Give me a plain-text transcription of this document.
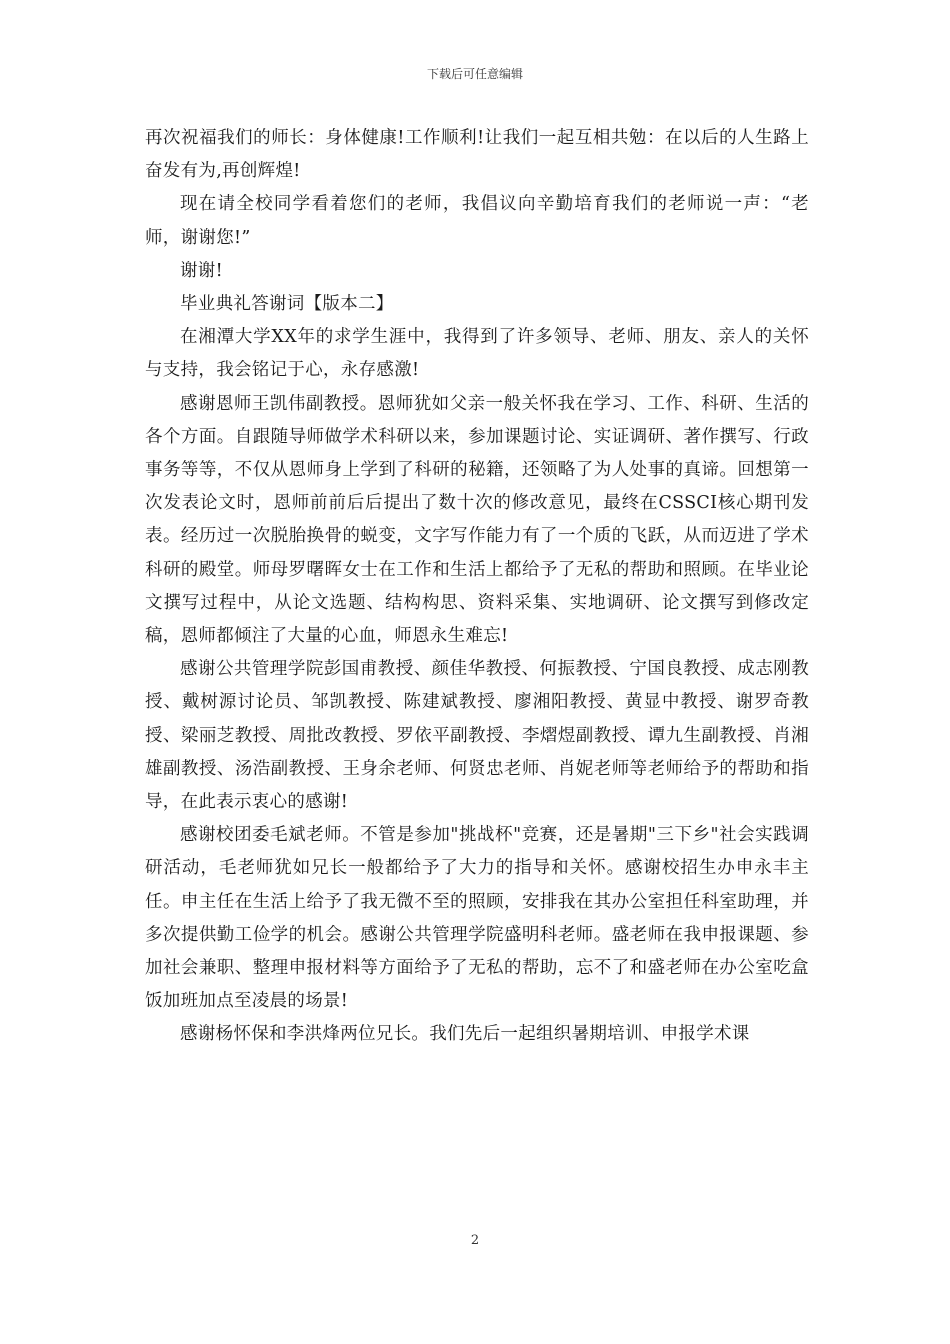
下载后可任意编辑

再次祝福我们的师长：身体健康!工作顺利!让我们一起互相共勉：在以后的人生路上奋发有为,再创辉煌!

现在请全校同学看着您们的老师，我倡议向辛勤培育我们的老师说一声：“老师，谢谢您!”

谢谢!

毕业典礼答谢词【版本二】

在湘潭大学XX年的求学生涯中，我得到了许多领导、老师、朋友、亲人的关怀与支持，我会铭记于心，永存感激!

感谢恩师王凯伟副教授。恩师犹如父亲一般关怀我在学习、工作、科研、生活的各个方面。自跟随导师做学术科研以来，参加课题讨论、实证调研、著作撰写、行政事务等等，不仅从恩师身上学到了科研的秘籍，还领略了为人处事的真谛。回想第一次发表论文时，恩师前前后后提出了数十次的修改意见，最终在CSSCI核心期刊发表。经历过一次脱胎换骨的蜕变，文字写作能力有了一个质的飞跃，从而迈进了学术科研的殿堂。师母罗曙晖女士在工作和生活上都给予了无私的帮助和照顾。在毕业论文撰写过程中，从论文选题、结构构思、资料采集、实地调研、论文撰写到修改定稿，恩师都倾注了大量的心血，师恩永生难忘!

感谢公共管理学院彭国甫教授、颜佳华教授、何振教授、宁国良教授、成志刚教授、戴树源讨论员、邹凯教授、陈建斌教授、廖湘阳教授、黄显中教授、谢罗奇教授、梁丽芝教授、周批改教授、罗依平副教授、李熠煜副教授、谭九生副教授、肖湘雄副教授、汤浩副教授、王身余老师、何贤忠老师、肖妮老师等老师给予的帮助和指导，在此表示衷心的感谢!

感谢校团委毛斌老师。不管是参加"挑战杯"竞赛，还是暑期"三下乡"社会实践调研活动，毛老师犹如兄长一般都给予了大力的指导和关怀。感谢校招生办申永丰主任。申主任在生活上给予了我无微不至的照顾，安排我在其办公室担任科室助理，并多次提供勤工俭学的机会。感谢公共管理学院盛明科老师。盛老师在我申报课题、参加社会兼职、整理申报材料等方面给予了无私的帮助，忘不了和盛老师在办公室吃盒饭加班加点至凌晨的场景!

感谢杨怀保和李洪烽两位兄长。我们先后一起组织暑期培训、申报学术课

2
